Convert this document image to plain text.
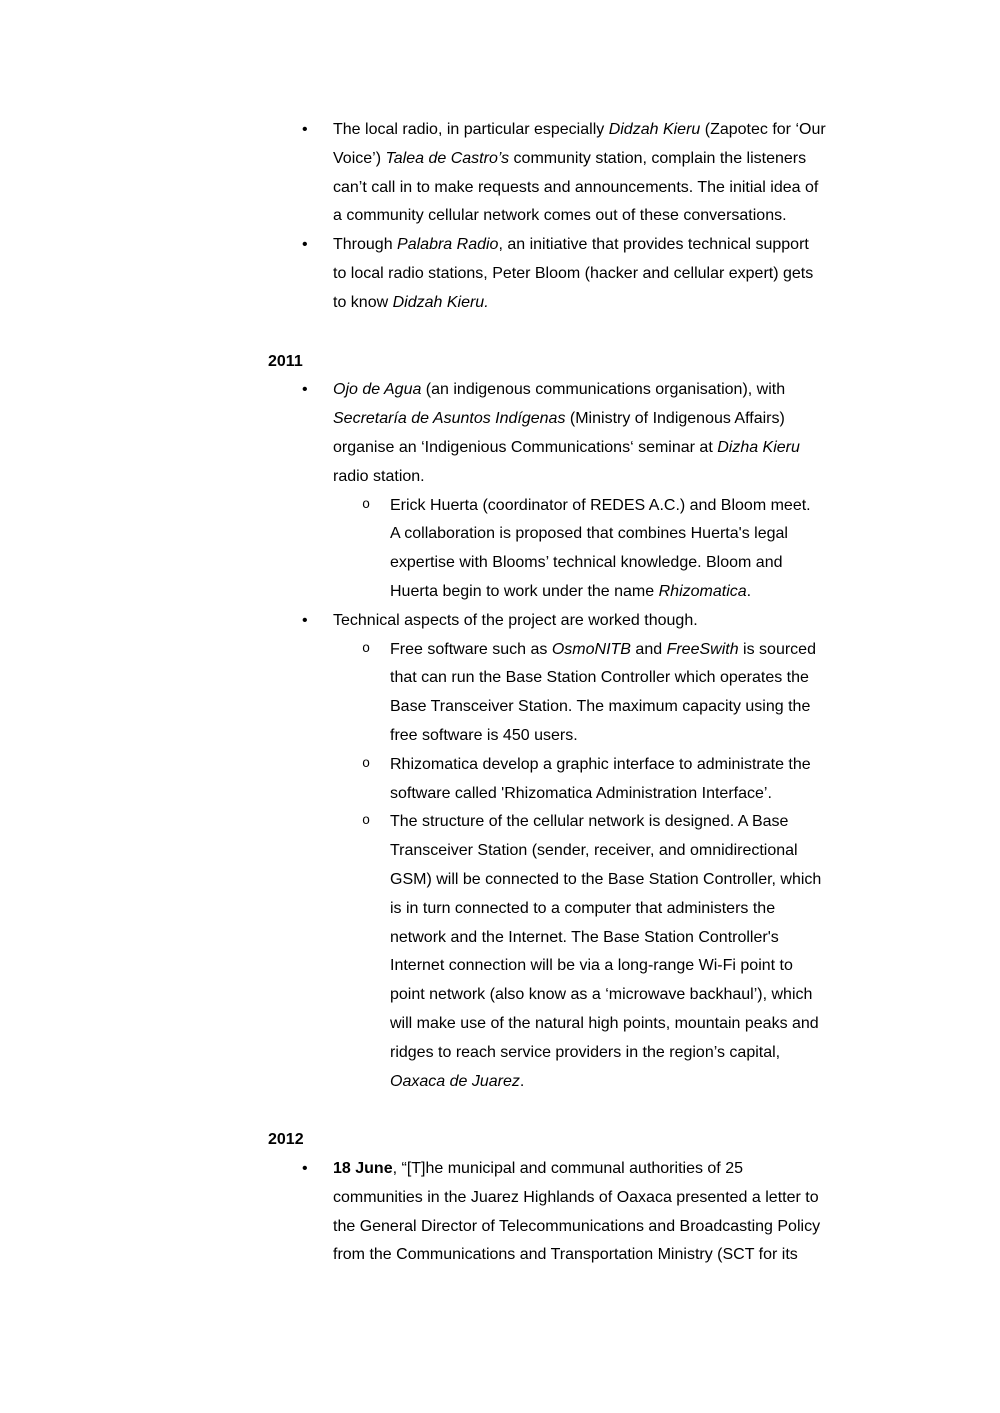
•	The local radio, in particular especially Didzah Kieru (Zapotec for ‘Our
Voice’) Talea de Castro’s community station, complain the listeners
can’t call in to make requests and announcements. The initial idea of
a community cellular network comes out of these conversations.
•	Through Palabra Radio, an initiative that provides technical support
to local radio stations, Peter Bloom (hacker and cellular expert) gets
to know Didzah Kieru.
2011
•	Ojo de Agua (an indigenous communications organisation), with
Secretaría de Asuntos Indígenas (Ministry of Indigenous Affairs)
organise an ‘Indigenious Communications‘ seminar at Dizha Kieru
radio station.
o	Erick Huerta (coordinator of REDES A.C.) and Bloom meet.
A collaboration is proposed that combines Huerta's legal
expertise with Blooms’ technical knowledge. Bloom and
Huerta begin to work under the name Rhizomatica.
•	Technical aspects of the project are worked though.
o	Free software such as OsmoNITB and FreeSwith is sourced
that can run the Base Station Controller which operates the
Base Transceiver Station. The maximum capacity using the
free software is 450 users.
o	Rhizomatica develop a graphic interface to administrate the
software called 'Rhizomatica Administration Interface’.
o	The structure of the cellular network is designed. A Base
Transceiver Station (sender, receiver, and omnidirectional
GSM) will be connected to the Base Station Controller, which
is in turn connected to a computer that administers the
network and the Internet. The Base Station Controller's
Internet connection will be via a long-range Wi-Fi point to
point network (also know as a ‘microwave backhaul’), which
will make use of the natural high points, mountain peaks and
ridges to reach service providers in the region’s capital,
Oaxaca de Juarez.
2012
•	18 June, “[T]he municipal and communal authorities of 25
communities in the Juarez Highlands of Oaxaca presented a letter to
the General Director of Telecommunications and Broadcasting Policy
from the Communications and Transportation Ministry (SCT for its
